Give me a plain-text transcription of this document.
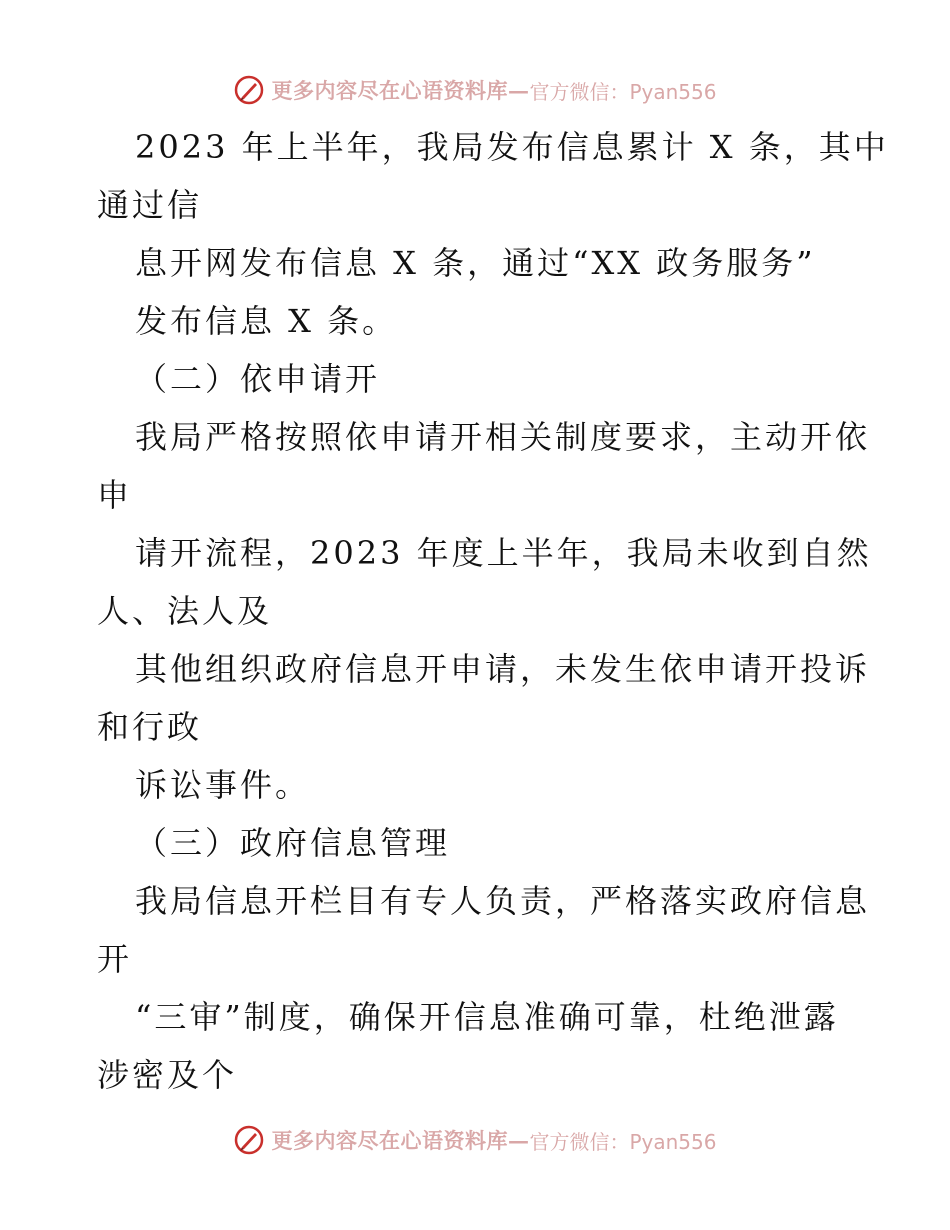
更多内容尽在心语资料库— 官方微信：Pyan556
2023 年上半年，我局发布信息累计 X 条，其中
通过信
息开网发布信息 X 条，通过“XX 政务服务”
发布信息 X 条。
（二）依申请开
我局严格按照依申请开相关制度要求，主动开依
申
请开流程，2023 年度上半年，我局未收到自然
人、法人及
其他组织政府信息开申请，未发生依申请开投诉
和行政
诉讼事件。
（三）政府信息管理
我局信息开栏目有专人负责，严格落实政府信息
开
“三审”制度，确保开信息准确可靠，杜绝泄露
涉密及个
更多内容尽在心语资料库— 官方微信：Pyan556
